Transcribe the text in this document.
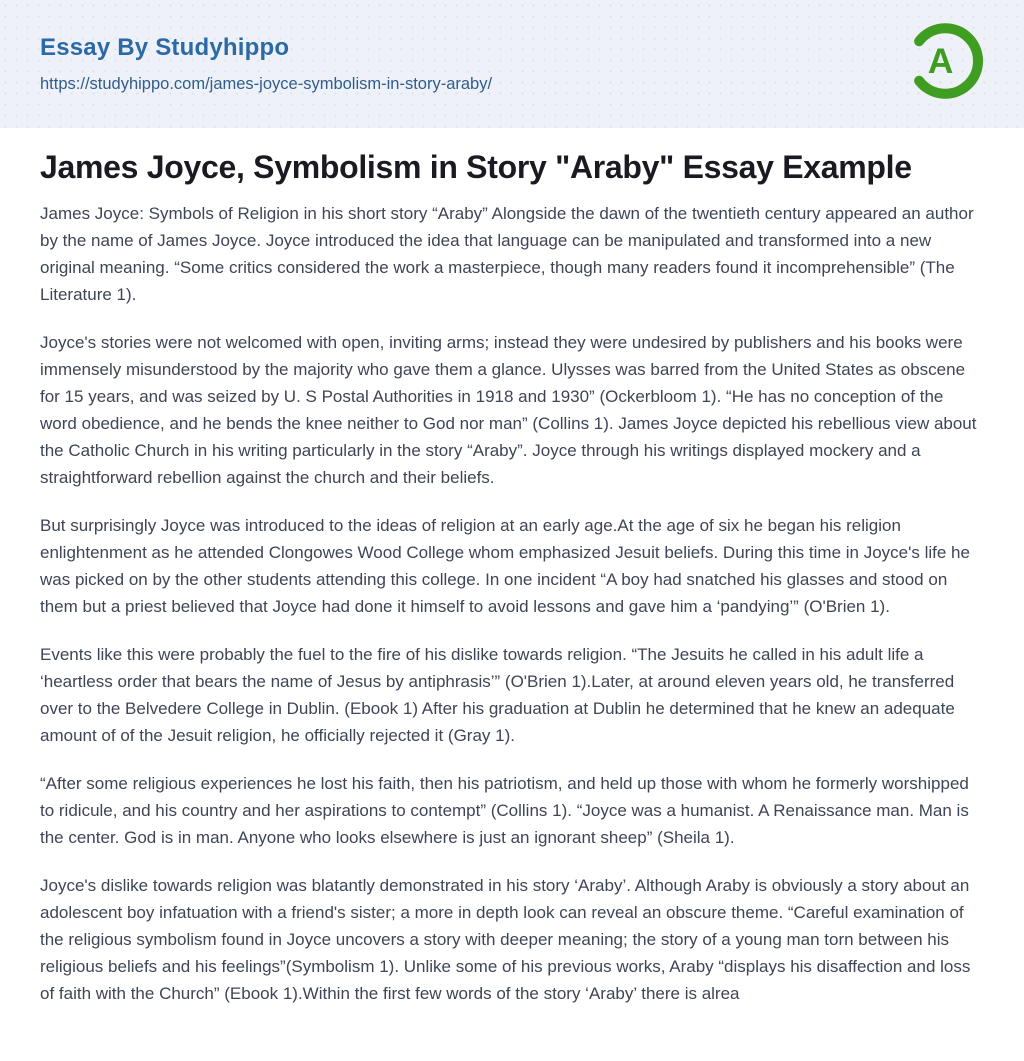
Essay By Studyhippo
https://studyhippo.com/james-joyce-symbolism-in-story-araby/
A
James Joyce, Symbolism in Story "Araby" Essay Example

James Joyce: Symbols of Religion in his short story “Araby” Alongside the dawn of the twentieth century appeared an author by the name of James Joyce. Joyce introduced the idea that language can be manipulated and transformed into a new original meaning. “Some critics considered the work a masterpiece, though many readers found it incomprehensible” (The Literature 1).

Joyce's stories were not welcomed with open, inviting arms; instead they were undesired by publishers and his books were immensely misunderstood by the majority who gave them a glance. Ulysses was barred from the United States as obscene for 15 years, and was seized by U. S Postal Authorities in 1918 and 1930” (Ockerbloom 1). “He has no conception of the word obedience, and he bends the knee neither to God nor man” (Collins 1). James Joyce depicted his rebellious view about the Catholic Church in his writing particularly in the story “Araby”. Joyce through his writings displayed mockery and a straightforward rebellion against the church and their beliefs.

But surprisingly Joyce was introduced to the ideas of religion at an early age.At the age of six he began his religion enlightenment as he attended Clongowes Wood College whom emphasized Jesuit beliefs. During this time in Joyce's life he was picked on by the other students attending this college. In one incident “A boy had snatched his glasses and stood on them but a priest believed that Joyce had done it himself to avoid lessons and gave him a ‘pandying’” (O'Brien 1).

Events like this were probably the fuel to the fire of his dislike towards religion. “The Jesuits he called in his adult life a ‘heartless order that bears the name of Jesus by antiphrasis’” (O'Brien 1).Later, at around eleven years old, he transferred over to the Belvedere College in Dublin. (Ebook 1) After his graduation at Dublin he determined that he knew an adequate amount of of the Jesuit religion, he officially rejected it (Gray 1).

“After some religious experiences he lost his faith, then his patriotism, and held up those with whom he formerly worshipped to ridicule, and his country and her aspirations to contempt” (Collins 1). “Joyce was a humanist. A Renaissance man. Man is the center. God is in man. Anyone who looks elsewhere is just an ignorant sheep” (Sheila 1).

Joyce's dislike towards religion was blatantly demonstrated in his story ‘Araby’. Although Araby is obviously a story about an adolescent boy infatuation with a friend's sister; a more in depth look can reveal an obscure theme. “Careful examination of the religious symbolism found in Joyce uncovers a story with deeper meaning; the story of a young man torn between his religious beliefs and his feelings”(Symbolism 1). Unlike some of his previous works, Araby “displays his disaffection and loss of faith with the Church” (Ebook 1).Within the first few words of the story ‘Araby’ there is alrea
